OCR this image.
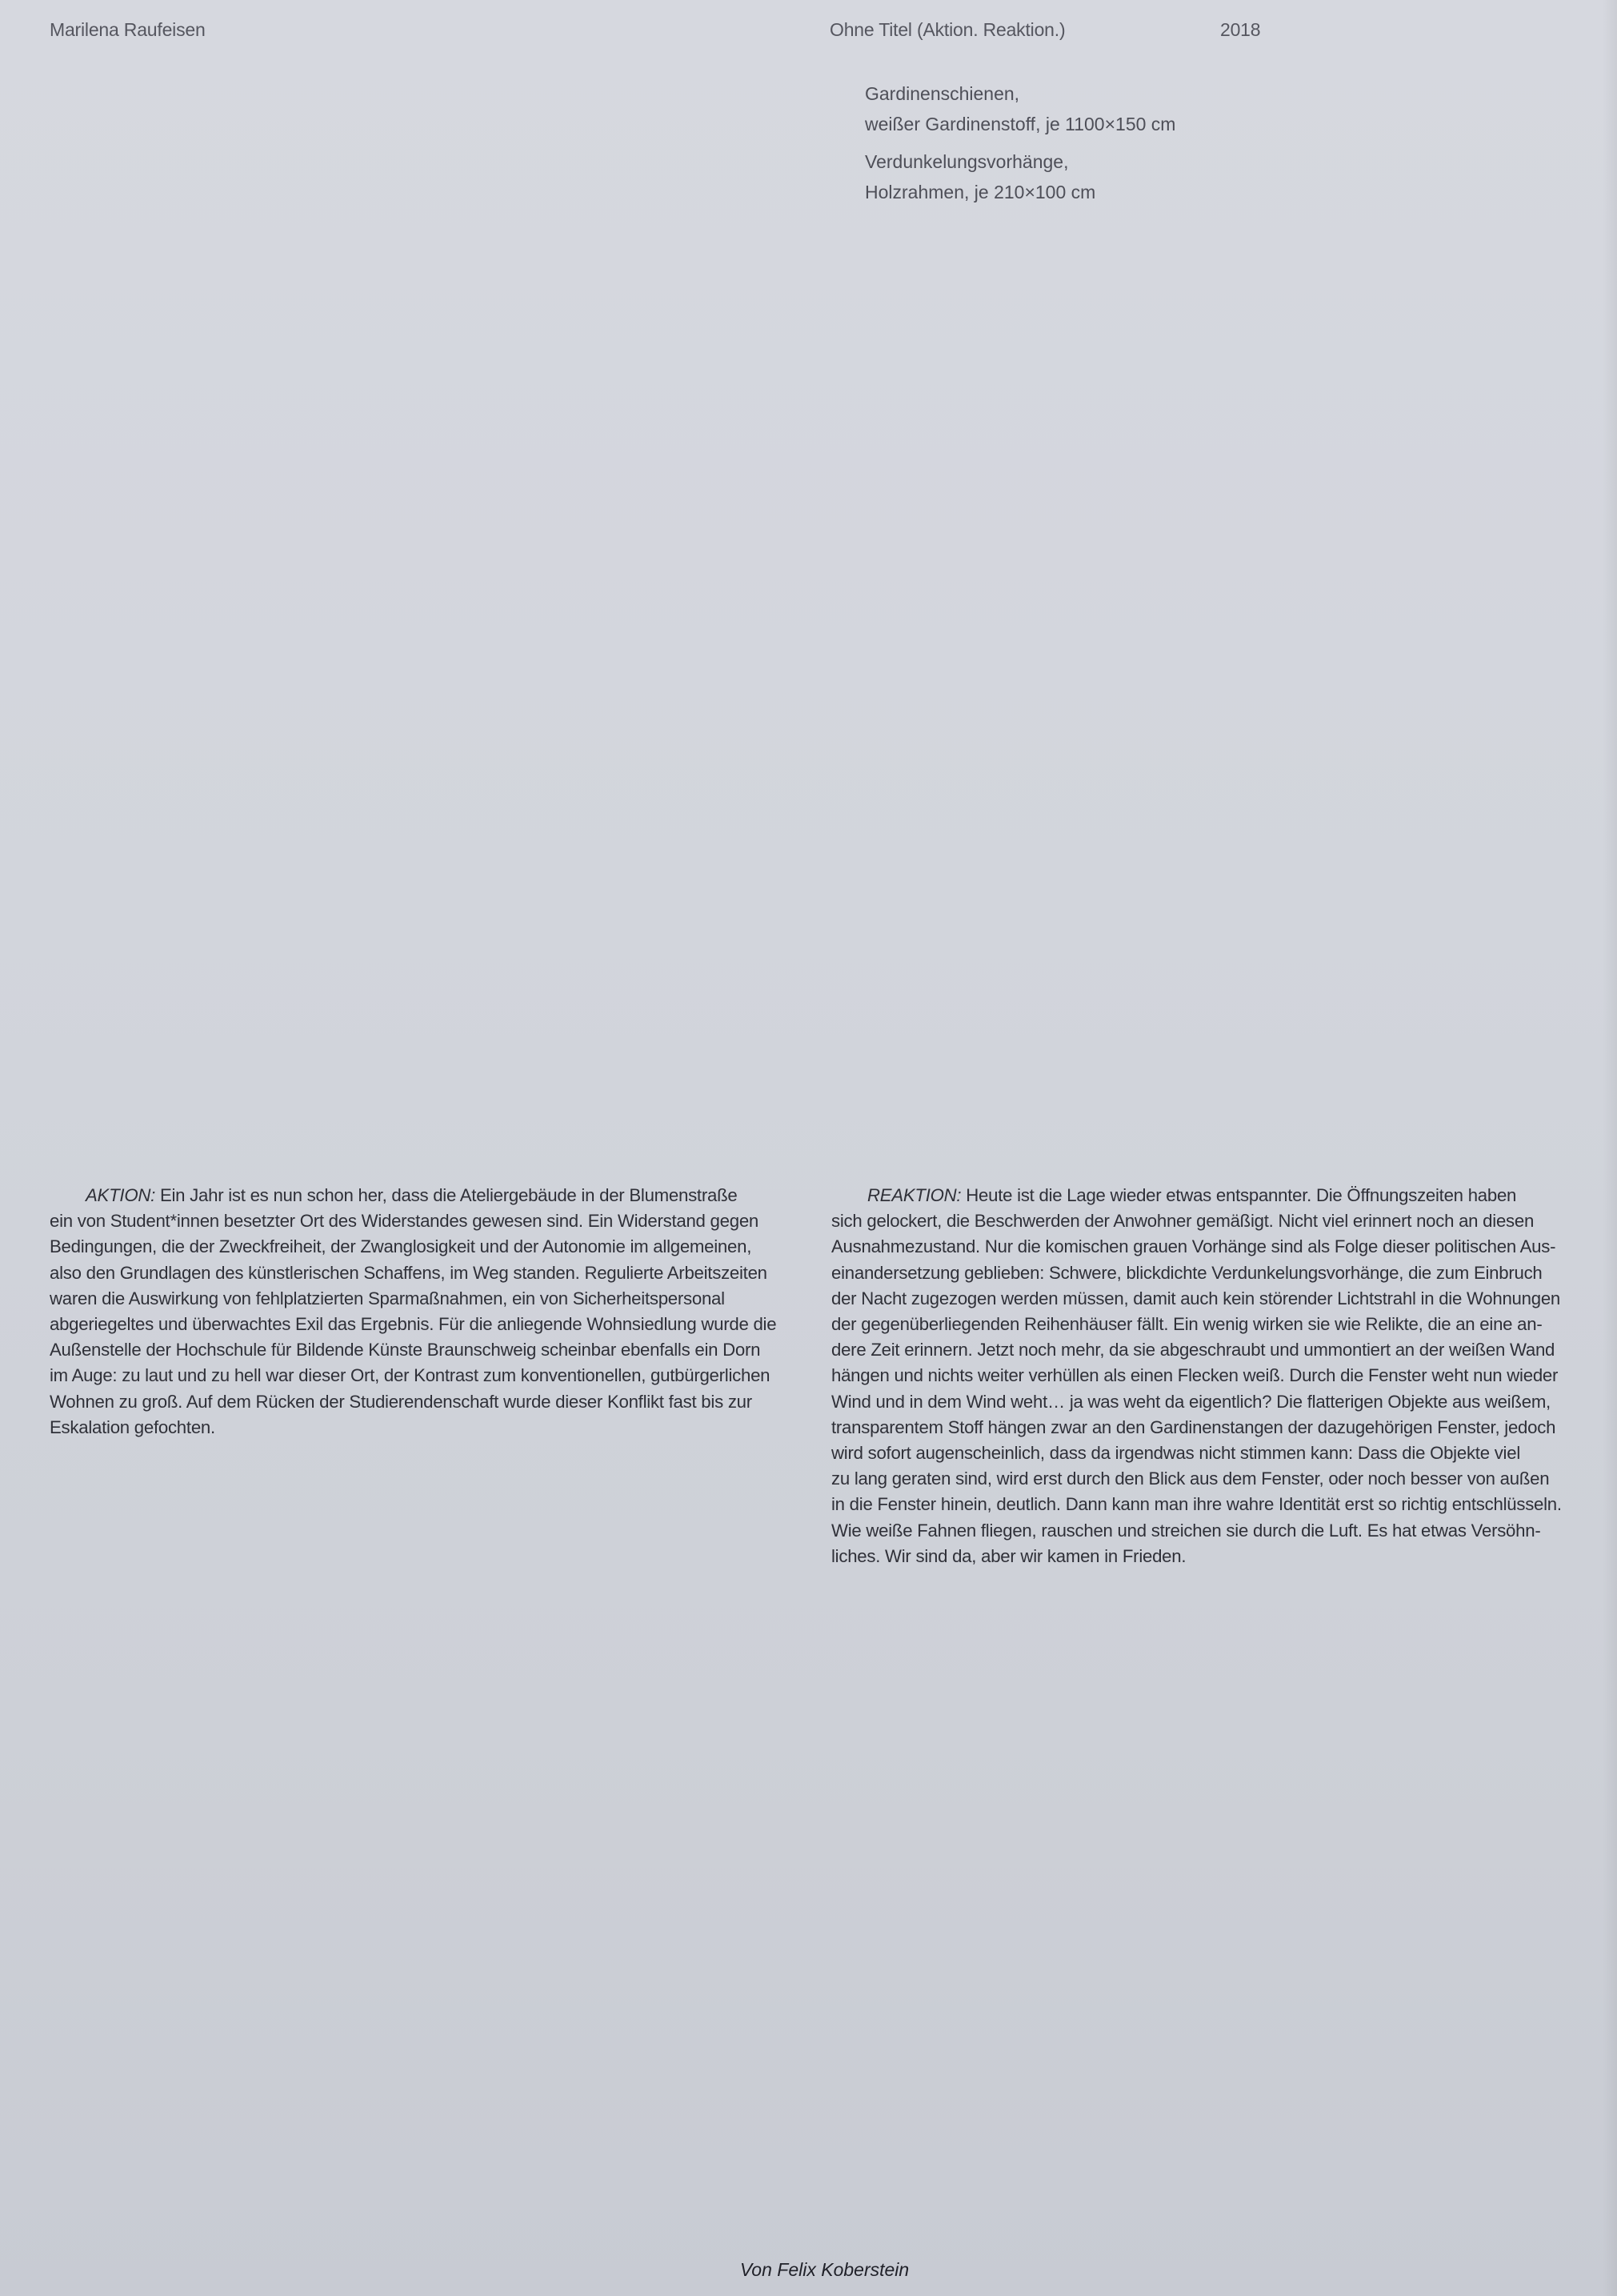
Marilena Raufeisen	Ohne Titel (Aktion. Reaktion.)	2018
Gardinenschienen,
weißer Gardinenstoff, je 1100×150 cm
Verdunkelungsvorhänge,
Holzrahmen, je 210×100 cm
AKTION: Ein Jahr ist es nun schon her, dass die Ateliergebäude in der Blumenstraße
ein von Student*innen besetzter Ort des Widerstandes gewesen sind. Ein Widerstand gegen
Bedingungen, die der Zweckfreiheit, der Zwanglosigkeit und der Autonomie im allgemeinen,
also den Grundlagen des künstlerischen Schaffens, im Weg standen. Regulierte Arbeitszeiten
waren die Auswirkung von fehlplatzierten Sparmaßnahmen, ein von Sicherheitspersonal
abgeriegeltes und überwachtes Exil das Ergebnis. Für die anliegende Wohnsiedlung wurde die
Außenstelle der Hochschule für Bildende Künste Braunschweig scheinbar ebenfalls ein Dorn
im Auge: zu laut und zu hell war dieser Ort, der Kontrast zum konventionellen, gutbürgerlichen
Wohnen zu groß. Auf dem Rücken der Studierendenschaft wurde dieser Konflikt fast bis zur
Eskalation gefochten.
REAKTION: Heute ist die Lage wieder etwas entspannter. Die Öffnungszeiten haben
sich gelockert, die Beschwerden der Anwohner gemäßigt. Nicht viel erinnert noch an diesen
Ausnahmezustand. Nur die komischen grauen Vorhänge sind als Folge dieser politischen Aus-
einandersetzung geblieben: Schwere, blickdichte Verdunkelungsvorhänge, die zum Einbruch
der Nacht zugezogen werden müssen, damit auch kein störender Lichtstrahl in die Wohnungen
der gegenüberliegenden Reihenhäuser fällt. Ein wenig wirken sie wie Relikte, die an eine an-
dere Zeit erinnern. Jetzt noch mehr, da sie abgeschraubt und ummontiert an der weißen Wand
hängen und nichts weiter verhüllen als einen Flecken weiß. Durch die Fenster weht nun wieder
Wind und in dem Wind weht… ja was weht da eigentlich? Die flatterigen Objekte aus weißem,
transparentem Stoff hängen zwar an den Gardinenstangen der dazugehörigen Fenster, jedoch
wird sofort augenscheinlich, dass da irgendwas nicht stimmen kann: Dass die Objekte viel
zu lang geraten sind, wird erst durch den Blick aus dem Fenster, oder noch besser von außen
in die Fenster hinein, deutlich. Dann kann man ihre wahre Identität erst so richtig entschlüsseln.
Wie weiße Fahnen fliegen, rauschen und streichen sie durch die Luft. Es hat etwas Versöhn-
liches. Wir sind da, aber wir kamen in Frieden.
Von Felix Koberstein
